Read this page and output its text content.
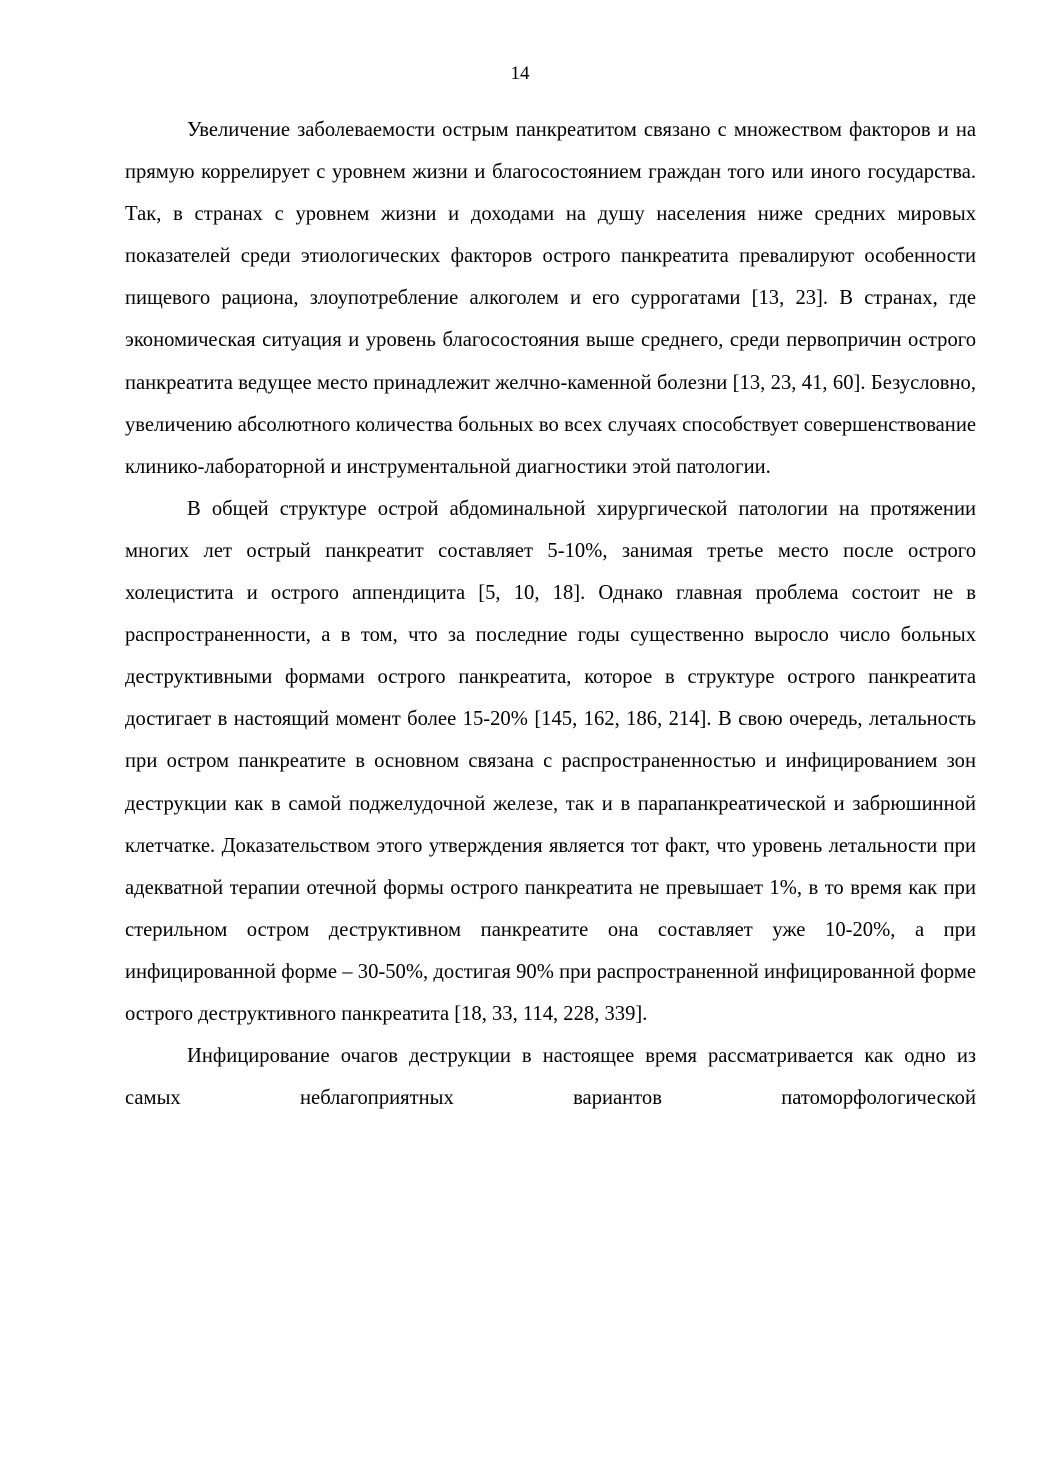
14

Увеличение заболеваемости острым панкреатитом связано с множеством факторов и на прямую коррелирует с уровнем жизни и благосостоянием граждан того или иного государства. Так, в странах с уровнем жизни и доходами на душу населения ниже средних мировых показателей среди этиологических факторов острого панкреатита превалируют особенности пищевого рациона, злоупотребление алкоголем и его суррогатами [13, 23]. В странах, где экономическая ситуация и уровень благосостояния выше среднего, среди первопричин острого панкреатита ведущее место принадлежит желчно-каменной болезни [13, 23, 41, 60]. Безусловно, увеличению абсолютного количества больных во всех случаях способствует совершенствование клинико-лабораторной и инструментальной диагностики этой патологии.

В общей структуре острой абдоминальной хирургической патологии на протяжении многих лет острый панкреатит составляет 5-10%, занимая третье место после острого холецистита и острого аппендицита [5, 10, 18]. Однако главная проблема состоит не в распространенности, а в том, что за последние годы существенно выросло число больных деструктивными формами острого панкреатита, которое в структуре острого панкреатита достигает в настоящий момент более 15-20% [145, 162, 186, 214]. В свою очередь, летальность при остром панкреатите в основном связана с распространенностью и инфицированием зон деструкции как в самой поджелудочной железе, так и в парапанкреатической и забрюшинной клетчатке. Доказательством этого утверждения является тот факт, что уровень летальности при адекватной терапии отечной формы острого панкреатита не превышает 1%, в то время как при стерильном остром деструктивном панкреатите она составляет уже 10-20%, а при инфицированной форме – 30-50%, достигая 90% при распространенной инфицированной форме острого деструктивного панкреатита [18, 33, 114, 228, 339].

Инфицирование очагов деструкции в настоящее время рассматривается как одно из самых неблагоприятных вариантов патоморфологической
